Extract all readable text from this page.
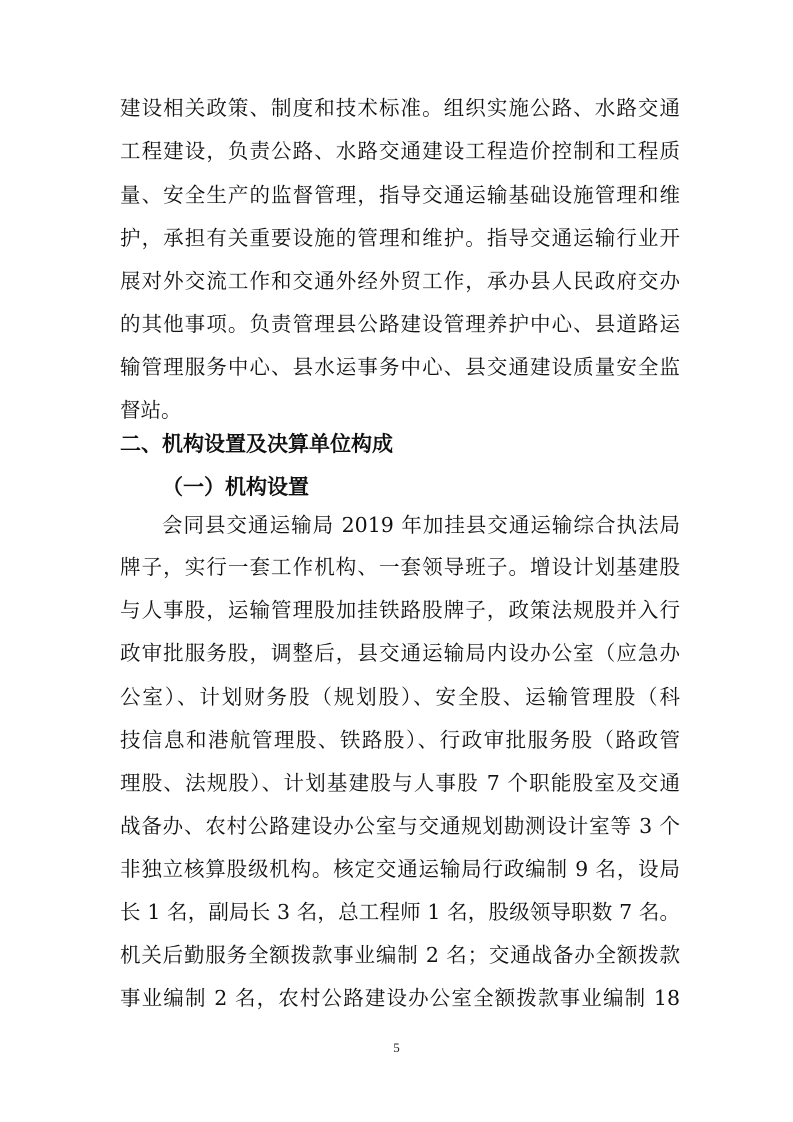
建设相关政策、制度和技术标准。组织实施公路、水路交通
工程建设，负责公路、水路交通建设工程造价控制和工程质
量、安全生产的监督管理，指导交通运输基础设施管理和维
护，承担有关重要设施的管理和维护。指导交通运输行业开
展对外交流工作和交通外经外贸工作，承办县人民政府交办
的其他事项。负责管理县公路建设管理养护中心、县道路运
输管理服务中心、县水运事务中心、县交通建设质量安全监
督站。
二、机构设置及决算单位构成
（一）机构设置
会同县交通运输局 2019 年加挂县交通运输综合执法局
牌子，实行一套工作机构、一套领导班子。增设计划基建股
与人事股，运输管理股加挂铁路股牌子，政策法规股并入行
政审批服务股，调整后，县交通运输局内设办公室（应急办
公室）、计划财务股（规划股）、安全股、运输管理股（科
技信息和港航管理股、铁路股）、行政审批服务股（路政管
理股、法规股）、计划基建股与人事股 7 个职能股室及交通
战备办、农村公路建设办公室与交通规划勘测设计室等 3 个
非独立核算股级机构。核定交通运输局行政编制 9 名，设局
长 1 名，副局长 3 名，总工程师 1 名，股级领导职数 7 名。
机关后勤服务全额拨款事业编制 2 名；交通战备办全额拨款
事业编制 2 名，农村公路建设办公室全额拨款事业编制 18
5
